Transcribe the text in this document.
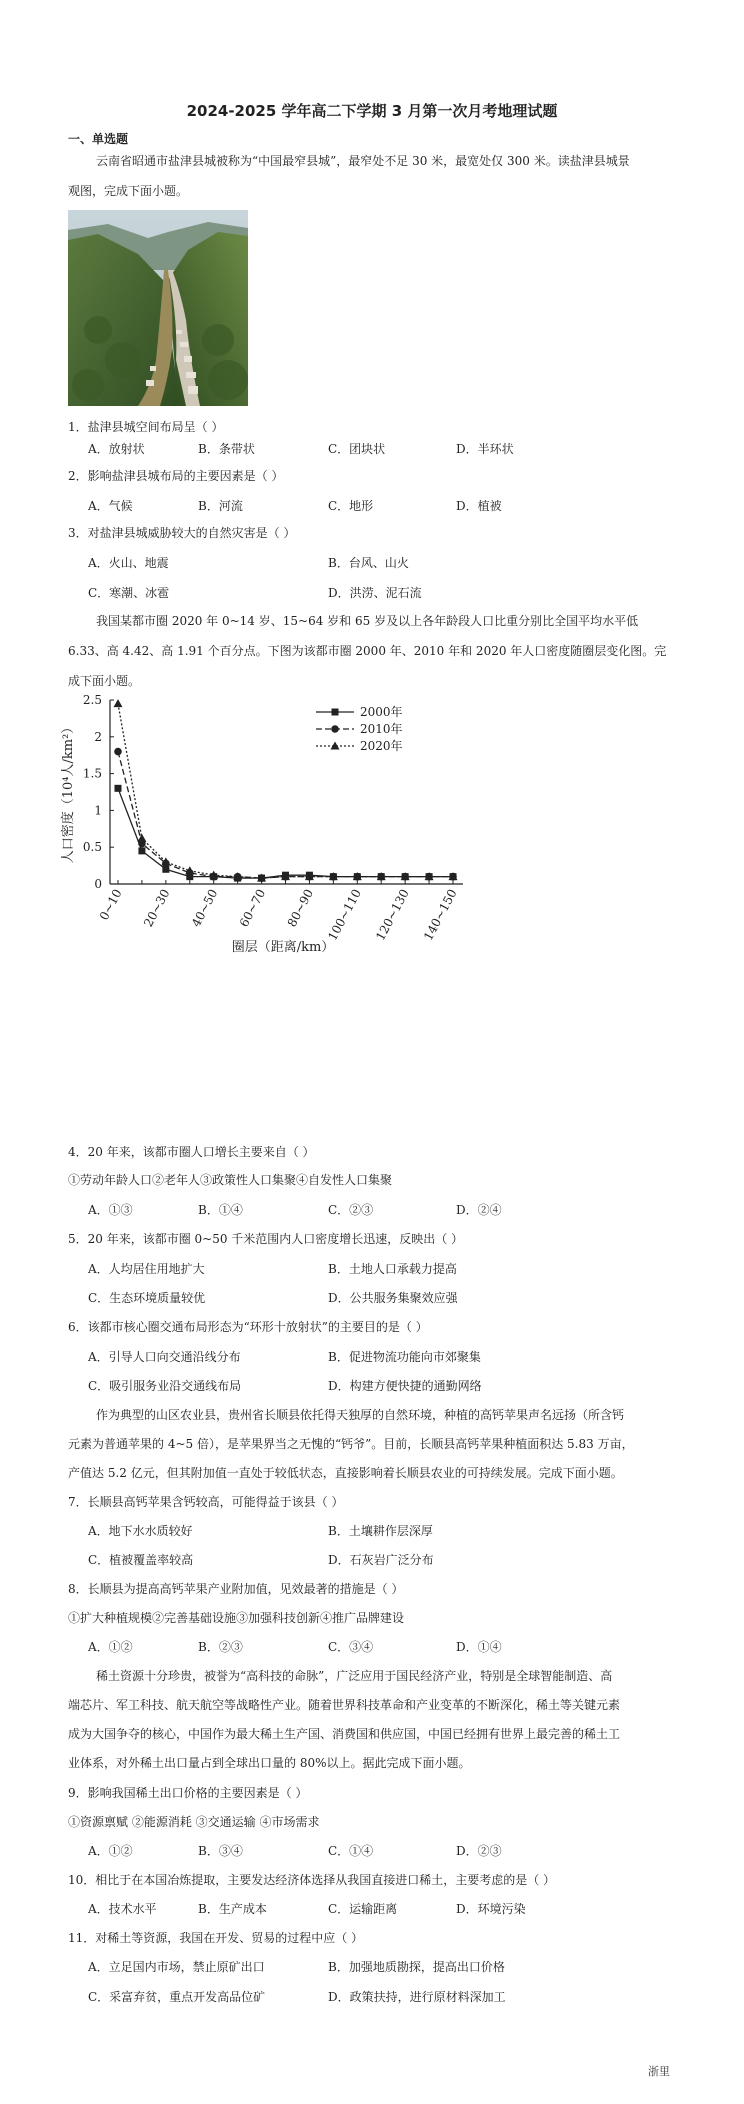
2024-2025 学年高二下学期 3 月第一次月考地理试题
一、单选题
云南省昭通市盐津县城被称为“中国最窄县城”，最窄处不足 30 米，最宽处仅 300 米。读盐津县城景
观图，完成下面小题。
1．盐津县城空间布局呈（ ）
A．放射状	B．条带状	C．团块状	D．半环状
2．影响盐津县城布局的主要因素是（ ）
A．气候	B．河流	C．地形	D．植被
3．对盐津县城威胁较大的自然灾害是（ ）
A．火山、地震	B．台风、山火
C．寒潮、冰雹	D．洪涝、泥石流
我国某都市圈 2020 年 0~14 岁、15~64 岁和 65 岁及以上各年龄段人口比重分别比全国平均水平低
6.33、高 4.42、高 1.91 个百分点。下图为该都市圈 2000 年、2010 年和 2020 年人口密度随圈层变化图。完
成下面小题。
0
0.5
1
1.5
2
2.5
0~10 20~30 40~50 60~70 80~90 100~110 120~130 140~150
人口密度（10⁴人/km²）
圈层（距离/km）
2000年
2010年
2020年
4．20 年来，该都市圈人口增长主要来自（ ）
①劳动年龄人口②老年人③政策性人口集聚④自发性人口集聚
A．①③	B．①④	C．②③	D．②④
5．20 年来，该都市圈 0~50 千米范围内人口密度增长迅速，反映出（ ）
A．人均居住用地扩大	B．土地人口承载力提高
C．生态环境质量较优	D．公共服务集聚效应强
6．该都市核心圈交通布局形态为“环形十放射状”的主要目的是（ ）
A．引导人口向交通沿线分布	B．促进物流功能向市郊聚集
C．吸引服务业沿交通线布局	D．构建方便快捷的通勤网络
作为典型的山区农业县，贵州省长顺县依托得天独厚的自然环境，种植的高钙苹果声名远扬（所含钙
元素为普通苹果的 4~5 倍），是苹果界当之无愧的“钙爷”。目前，长顺县高钙苹果种植面积达 5.83 万亩，
产值达 5.2 亿元，但其附加值一直处于较低状态，直接影响着长顺县农业的可持续发展。完成下面小题。
7．长顺县高钙苹果含钙较高，可能得益于该县（ ）
A．地下水水质较好	B．土壤耕作层深厚
C．植被覆盖率较高	D．石灰岩广泛分布
8．长顺县为提高高钙苹果产业附加值，见效最著的措施是（ ）
①扩大种植规模②完善基础设施③加强科技创新④推广品牌建设
A．①②	B．②③	C．③④	D．①④
稀土资源十分珍贵，被誉为“高科技的命脉”，广泛应用于国民经济产业，特别是全球智能制造、高
端芯片、军工科技、航天航空等战略性产业。随着世界科技革命和产业变革的不断深化，稀土等关键元素
成为大国争夺的核心，中国作为最大稀土生产国、消费国和供应国，中国已经拥有世界上最完善的稀土工
业体系，对外稀土出口量占到全球出口量的 80%以上。据此完成下面小题。
9．影响我国稀土出口价格的主要因素是（ ）
①资源禀赋 ②能源消耗 ③交通运输 ④市场需求
A．①②	B．③④	C．①④	D．②③
10．相比于在本国冶炼提取，主要发达经济体选择从我国直接进口稀土，主要考虑的是（ ）
A．技术水平	B．生产成本	C．运输距离	D．环境污染
11．对稀土等资源，我国在开发、贸易的过程中应（ ）
A．立足国内市场，禁止原矿出口	B．加强地质勘探，提高出口价格
C．采富弃贫，重点开发高品位矿	D．政策扶持，进行原材料深加工
浙里
